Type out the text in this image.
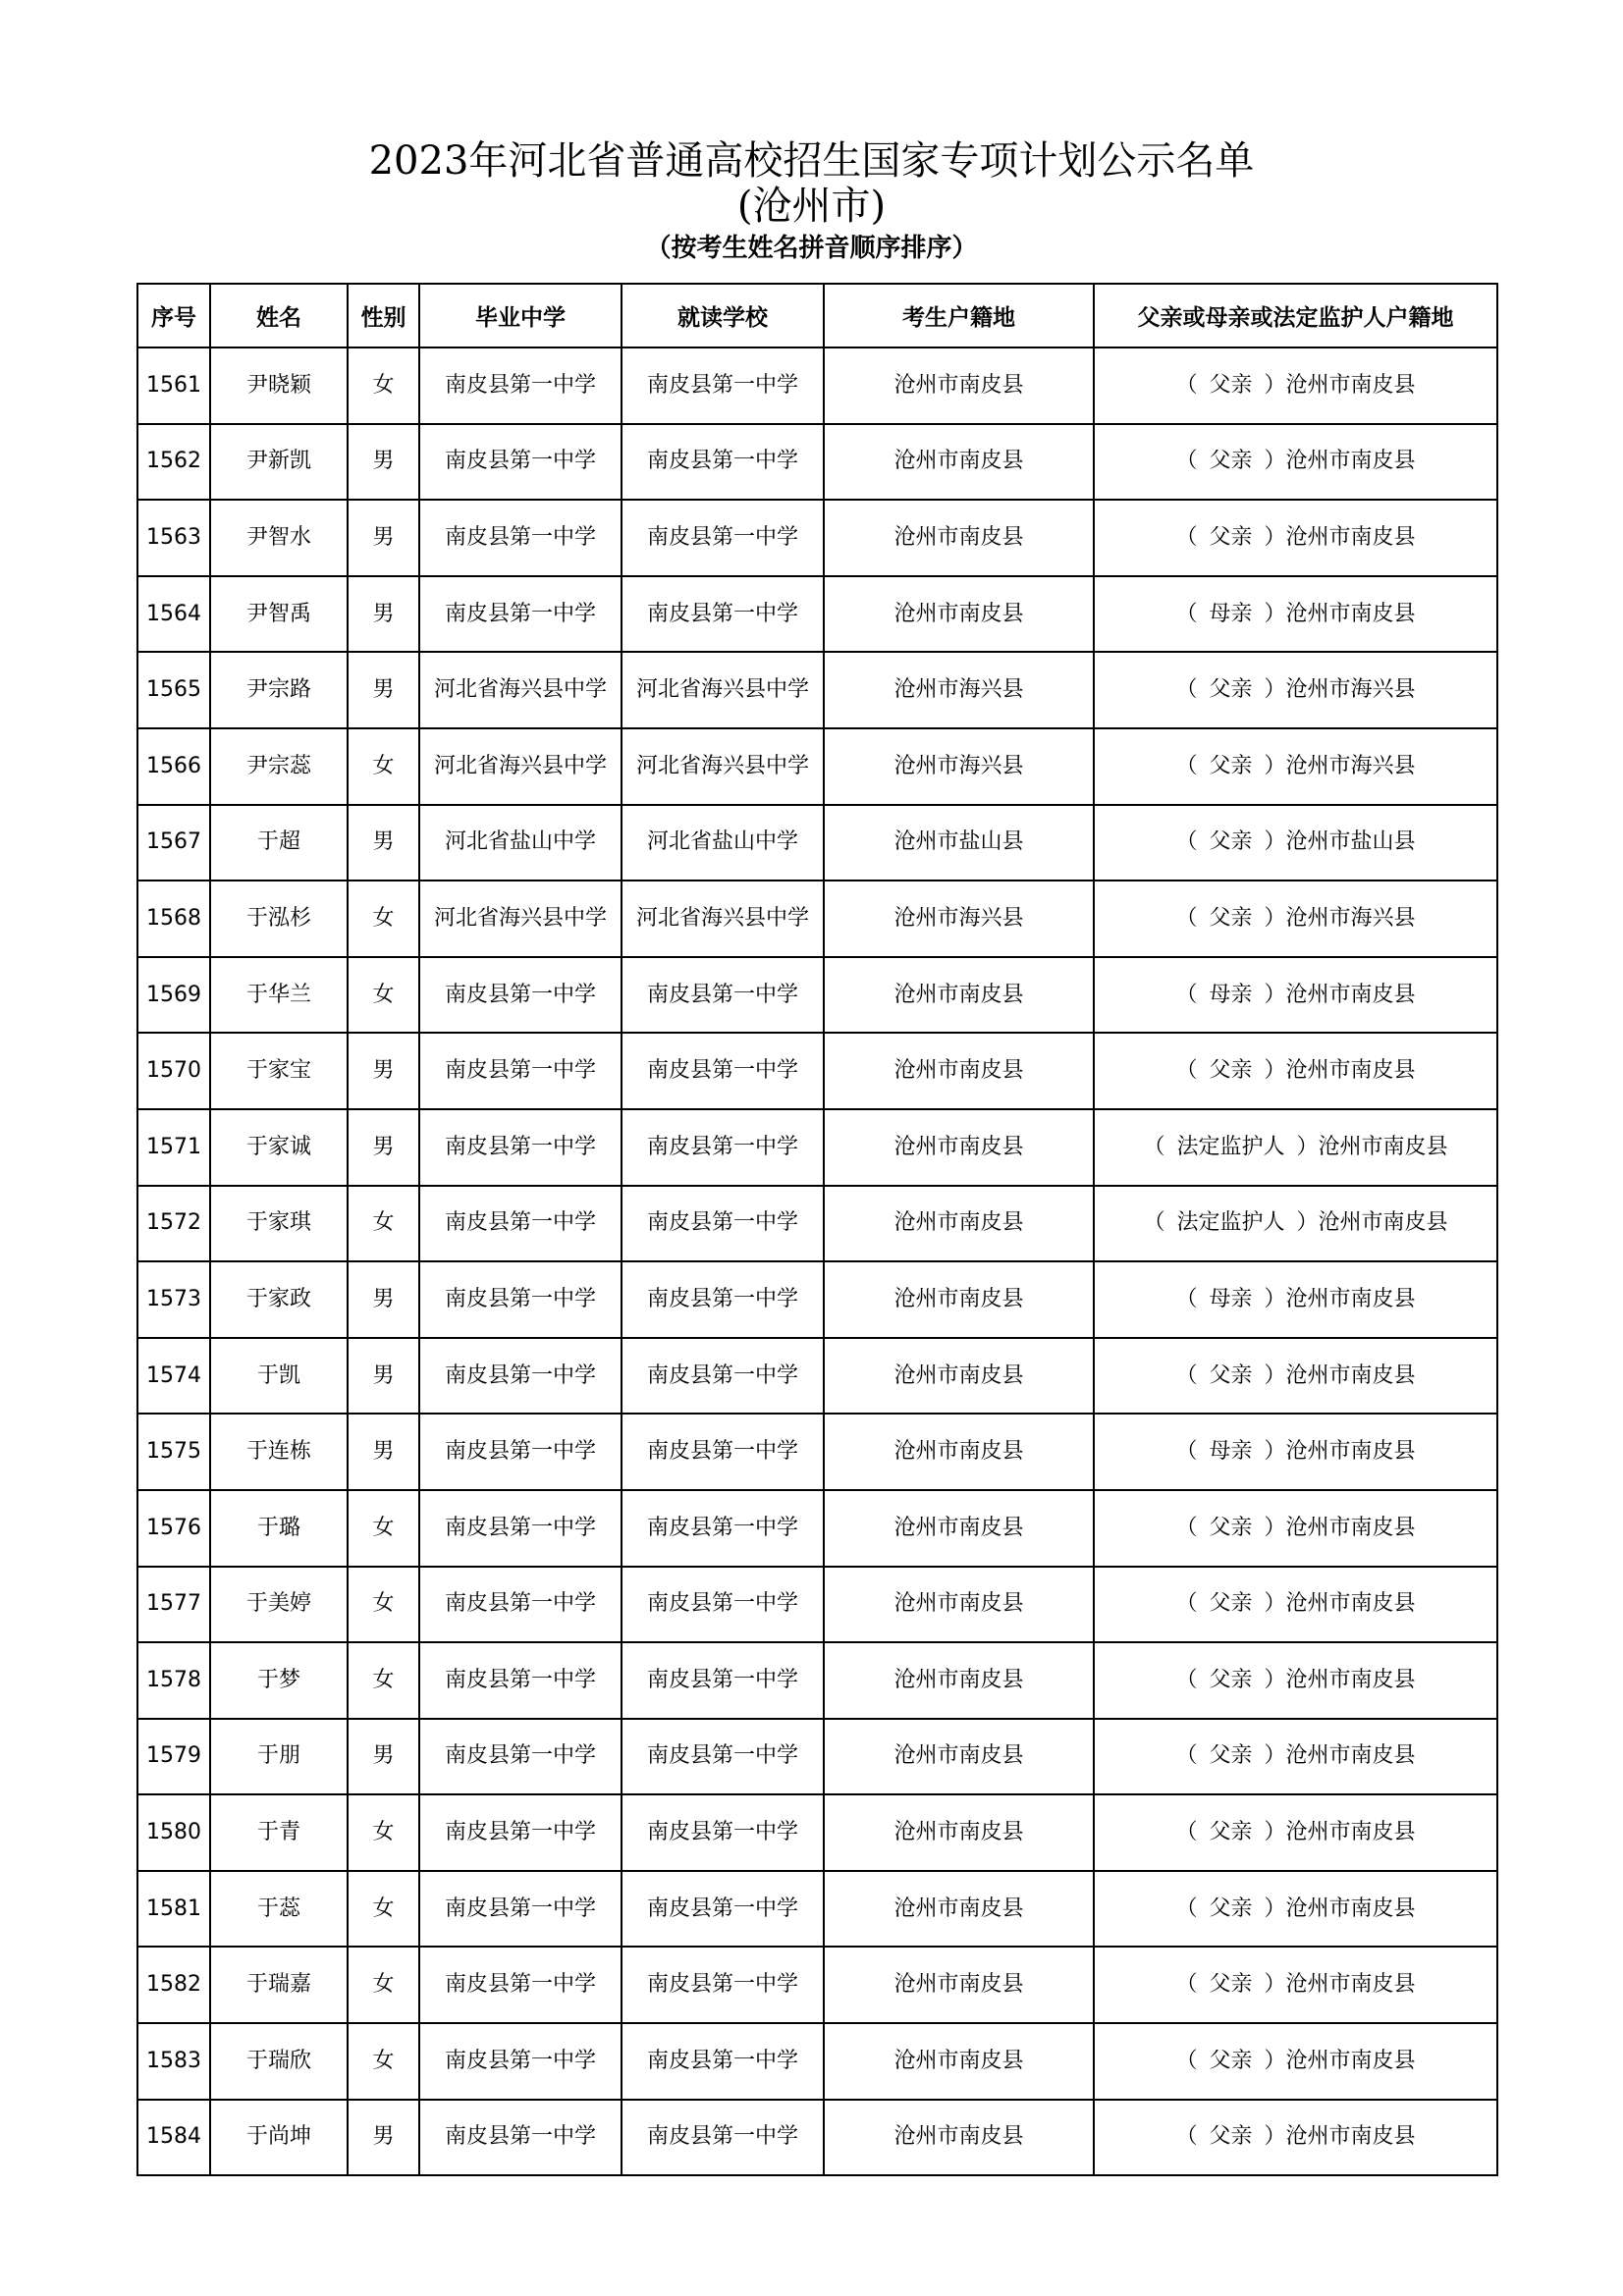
2023年河北省普通高校招生国家专项计划公示名单
(沧州市)
（按考生姓名拼音顺序排序）
序号	姓名	性别	毕业中学	就读学校	考生户籍地	父亲或母亲或法定监护人户籍地
1561	尹晓颖	女	南皮县第一中学	南皮县第一中学	沧州市南皮县	（ 父亲 ）沧州市南皮县
1562	尹新凯	男	南皮县第一中学	南皮县第一中学	沧州市南皮县	（ 父亲 ）沧州市南皮县
1563	尹智水	男	南皮县第一中学	南皮县第一中学	沧州市南皮县	（ 父亲 ）沧州市南皮县
1564	尹智禹	男	南皮县第一中学	南皮县第一中学	沧州市南皮县	（ 母亲 ）沧州市南皮县
1565	尹宗路	男	河北省海兴县中学	河北省海兴县中学	沧州市海兴县	（ 父亲 ）沧州市海兴县
1566	尹宗蕊	女	河北省海兴县中学	河北省海兴县中学	沧州市海兴县	（ 父亲 ）沧州市海兴县
1567	于超	男	河北省盐山中学	河北省盐山中学	沧州市盐山县	（ 父亲 ）沧州市盐山县
1568	于泓杉	女	河北省海兴县中学	河北省海兴县中学	沧州市海兴县	（ 父亲 ）沧州市海兴县
1569	于华兰	女	南皮县第一中学	南皮县第一中学	沧州市南皮县	（ 母亲 ）沧州市南皮县
1570	于家宝	男	南皮县第一中学	南皮县第一中学	沧州市南皮县	（ 父亲 ）沧州市南皮县
1571	于家诚	男	南皮县第一中学	南皮县第一中学	沧州市南皮县	（ 法定监护人 ）沧州市南皮县
1572	于家琪	女	南皮县第一中学	南皮县第一中学	沧州市南皮县	（ 法定监护人 ）沧州市南皮县
1573	于家政	男	南皮县第一中学	南皮县第一中学	沧州市南皮县	（ 母亲 ）沧州市南皮县
1574	于凯	男	南皮县第一中学	南皮县第一中学	沧州市南皮县	（ 父亲 ）沧州市南皮县
1575	于连栋	男	南皮县第一中学	南皮县第一中学	沧州市南皮县	（ 母亲 ）沧州市南皮县
1576	于璐	女	南皮县第一中学	南皮县第一中学	沧州市南皮县	（ 父亲 ）沧州市南皮县
1577	于美婷	女	南皮县第一中学	南皮县第一中学	沧州市南皮县	（ 父亲 ）沧州市南皮县
1578	于梦	女	南皮县第一中学	南皮县第一中学	沧州市南皮县	（ 父亲 ）沧州市南皮县
1579	于朋	男	南皮县第一中学	南皮县第一中学	沧州市南皮县	（ 父亲 ）沧州市南皮县
1580	于青	女	南皮县第一中学	南皮县第一中学	沧州市南皮县	（ 父亲 ）沧州市南皮县
1581	于蕊	女	南皮县第一中学	南皮县第一中学	沧州市南皮县	（ 父亲 ）沧州市南皮县
1582	于瑞嘉	女	南皮县第一中学	南皮县第一中学	沧州市南皮县	（ 父亲 ）沧州市南皮县
1583	于瑞欣	女	南皮县第一中学	南皮县第一中学	沧州市南皮县	（ 父亲 ）沧州市南皮县
1584	于尚坤	男	南皮县第一中学	南皮县第一中学	沧州市南皮县	（ 父亲 ）沧州市南皮县
